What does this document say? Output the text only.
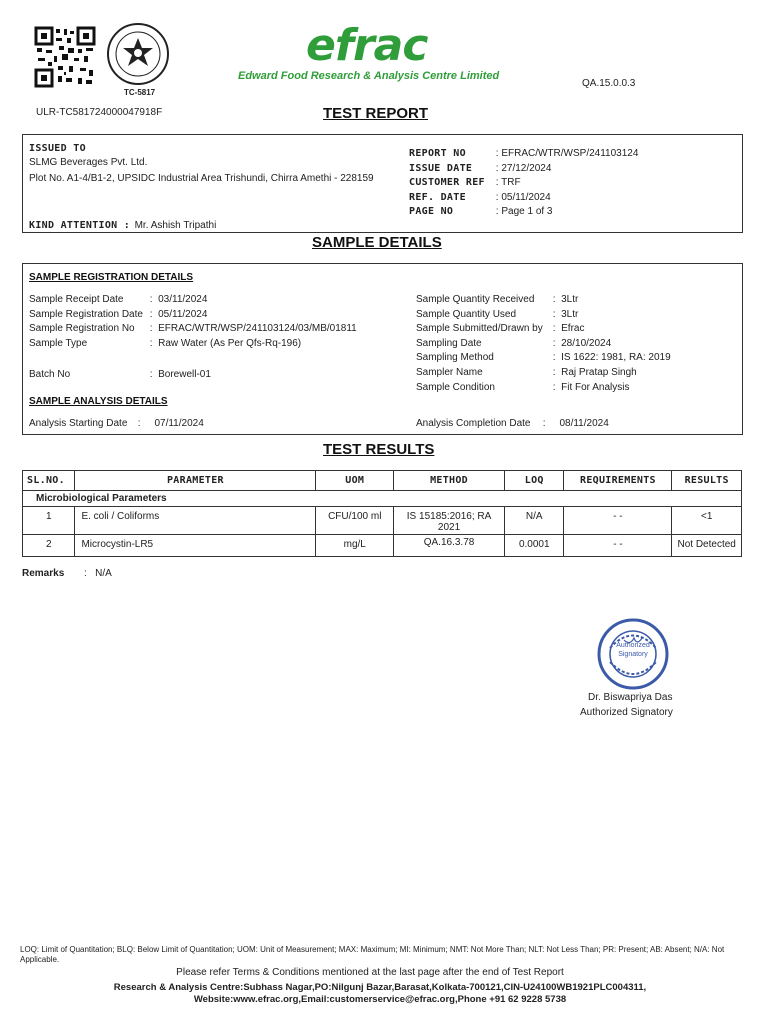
TC-5817
efrac
Edward Food Research & Analysis Centre Limited
QA.15.0.0.3
ULR-TC581724000047918F	TEST REPORT
ISSUED TO
SLMG Beverages Pvt. Ltd.
Plot No. A1-4/B1-2, UPSIDC Industrial Area Trishundi, Chirra Amethi - 228159
KIND ATTENTION : Mr. Ashish Tripathi
REPORT NO	: EFRAC/WTR/WSP/241103124
ISSUE DATE : 27/12/2024
CUSTOMER REF : TRF
REF. DATE	: 05/11/2024
PAGE NO	: Page 1 of 3
SAMPLE DETAILS
SAMPLE REGISTRATION DETAILS
Sample Receipt Date :  03/11/2024
Sample Registration Date :  05/11/2024
Sample Registration No :  EFRAC/WTR/WSP/241103124/03/MB/01811
Sample Type	:  Raw Water (As Per Qfs-Rq-196)
Batch No	:  Borewell-01
Sample Quantity Received :  3Ltr
Sample Quantity Used	:  3Ltr
Sample Submitted/Drawn by :  Efrac
Sampling Date	:  28/10/2024
Sampling Method	:  IS 1622: 1981, RA: 2019
Sampler Name	:  Raj Pratap Singh
Sample Condition	:  Fit For Analysis
SAMPLE ANALYSIS DETAILS
Analysis Starting Date :     07/11/2024	Analysis Completion Date :     08/11/2024
TEST RESULTS
SL.NO.	PARAMETER	UOM	METHOD	LOQ	REQUIREMENTS	RESULTS
Microbiological Parameters						
1	E. coli / Coliforms	CFU/100 ml	IS 15185:2016; RA 2021	N/A	- -	<1
2	Microcystin-LR5	mg/L	QA.16.3.78	0.0001	- -	Not Detected
Remarks :   N/A
Authorized Signatory
Dr. Biswapriya Das
Authorized Signatory
LOQ: Limit of Quantitation; BLQ: Below Limit of Quantitation; UOM: Unit of Measurement; MAX: Maximum; MI: Minimum; NMT: Not More Than; NLT: Not Less Than; PR: Present; AB: Absent; N/A: Not Applicable.
Please refer Terms & Conditions mentioned at the last page after the end of Test Report
Research & Analysis Centre:Subhass Nagar,PO:Nilgunj Bazar,Barasat,Kolkata-700121,CIN-U24100WB1921PLC004311,
Website:www.efrac.org,Email:customerservice@efrac.org,Phone +91 62 9228 5738
